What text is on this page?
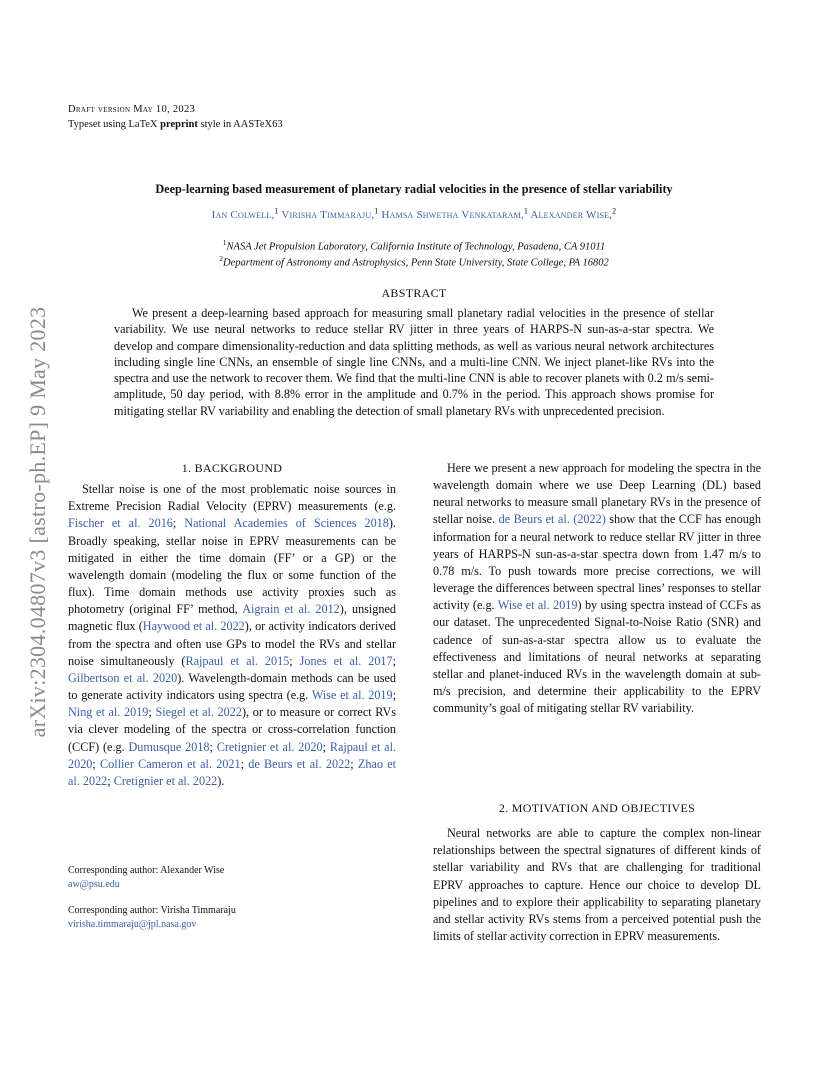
arXiv:2304.04807v3 [astro-ph.EP] 9 May 2023
Draft version May 10, 2023
Typeset using LaTeX preprint style in AASTeX63
Deep-learning based measurement of planetary radial velocities in the presence of stellar variability
Ian Colwell,$^1$ Virisha Timmaraju,$^1$ Hamsa Shwetha Venkataram,$^1$ Alexander Wise,$^2$
$^1$NASA Jet Propulsion Laboratory, California Institute of Technology, Pasadena, CA 91011
$^2$Department of Astronomy and Astrophysics, Penn State University, State College, PA 16802
ABSTRACT
We present a deep-learning based approach for measuring small planetary radial velocities in the presence of stellar variability. We use neural networks to reduce stellar RV jitter in three years of HARPS-N sun-as-a-star spectra. We develop and compare dimensionality-reduction and data splitting methods, as well as various neural network architectures including single line CNNs, an ensemble of single line CNNs, and a multi-line CNN. We inject planet-like RVs into the spectra and use the network to recover them. We find that the multi-line CNN is able to recover planets with 0.2 m/s semi-amplitude, 50 day period, with 8.8% error in the amplitude and 0.7% in the period. This approach shows promise for mitigating stellar RV variability and enabling the detection of small planetary RVs with unprecedented precision.
1. BACKGROUND

Stellar noise is one of the most problematic noise sources in Extreme Precision Radial Velocity (EPRV) measurements (e.g. Fischer et al. 2016; National Academies of Sciences 2018). Broadly speaking, stellar noise in EPRV measurements can be mitigated in either the time domain (FF’ or a GP) or the wavelength domain (modeling the flux or some function of the flux). Time domain methods use activity proxies such as photometry (original FF’ method, Aigrain et al. 2012), unsigned magnetic flux (Haywood et al. 2022), or activity indicators derived from the spectra and often use GPs to model the RVs and stellar noise simultaneously (Rajpaul et al. 2015; Jones et al. 2017; Gilbertson et al. 2020). Wavelength-domain methods can be used to generate activity indicators using spectra (e.g. Wise et al. 2019; Ning et al. 2019; Siegel et al. 2022), or to measure or correct RVs via clever modeling of the spectra or cross-correlation function (CCF) (e.g. Dumusque 2018; Cretignier et al. 2020; Rajpaul et al. 2020; Collier Cameron et al. 2021; de Beurs et al. 2022; Zhao et al. 2022; Cretignier et al. 2022).

Corresponding author: Alexander Wise
aw@psu.edu
Corresponding author: Virisha Timmaraju
virisha.timmaraju@jpl.nasa.gov

Here we present a new approach for modeling the spectra in the wavelength domain where we use Deep Learning (DL) based neural networks to measure small planetary RVs in the presence of stellar noise. de Beurs et al. (2022) show that the CCF has enough information for a neural network to reduce stellar RV jitter in three years of HARPS-N sun-as-a-star spectra down from 1.47 m/s to 0.78 m/s. To push towards more precise corrections, we will leverage the differences between spectral lines’ responses to stellar activity (e.g. Wise et al. 2019) by using spectra instead of CCFs as our dataset. The unprecedented Signal-to-Noise Ratio (SNR) and cadence of sun-as-a-star spectra allow us to evaluate the effectiveness and limitations of neural networks at separating stellar and planet-induced RVs in the wavelength domain at sub-m/s precision, and determine their applicability to the EPRV community’s goal of mitigating stellar RV variability.

2. MOTIVATION AND OBJECTIVES

Neural networks are able to capture the complex non-linear relationships between the spectral signatures of different kinds of stellar variability and RVs that are challenging for traditional EPRV approaches to capture. Hence our choice to develop DL pipelines and to explore their applicability to separating planetary and stellar activity RVs stems from a perceived potential push the limits of stellar activity correction in EPRV measurements.
